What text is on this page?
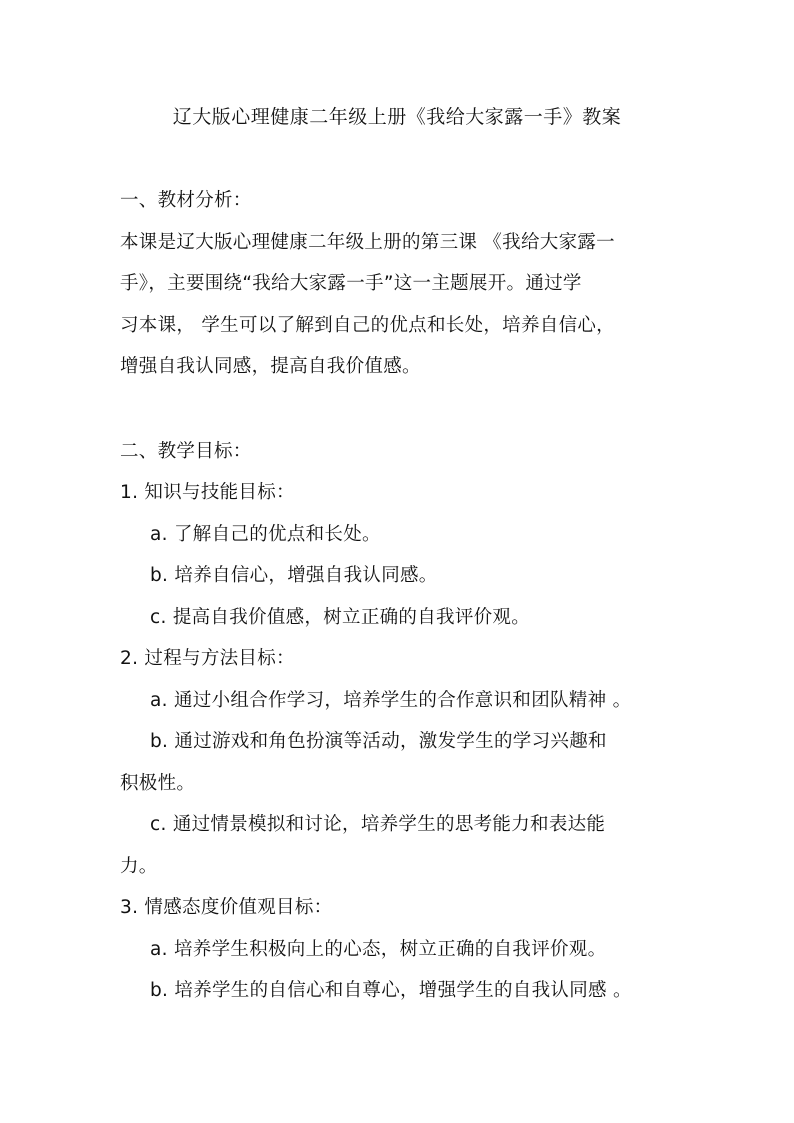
辽大版心理健康二年级上册《我给大家露一手》教案
一、教材分析：
本课是辽大版心理健康二年级上册的第三课 《我给大家露一
手》，主要围绕“我给大家露一手”这一主题展开。通过学
习本课， 学生可以了解到自己的优点和长处，培养自信心，
增强自我认同感，提高自我价值感。
二、教学目标：
1. 知识与技能目标：
a. 了解自己的优点和长处。
b. 培养自信心，增强自我认同感。
c. 提高自我价值感，树立正确的自我评价观。
2. 过程与方法目标：
a. 通过小组合作学习，培养学生的合作意识和团队精神 。
b. 通过游戏和角色扮演等活动，激发学生的学习兴趣和
积极性。
c. 通过情景模拟和讨论，培养学生的思考能力和表达能
力。
3. 情感态度价值观目标：
a. 培养学生积极向上的心态，树立正确的自我评价观。
b. 培养学生的自信心和自尊心，增强学生的自我认同感 。
